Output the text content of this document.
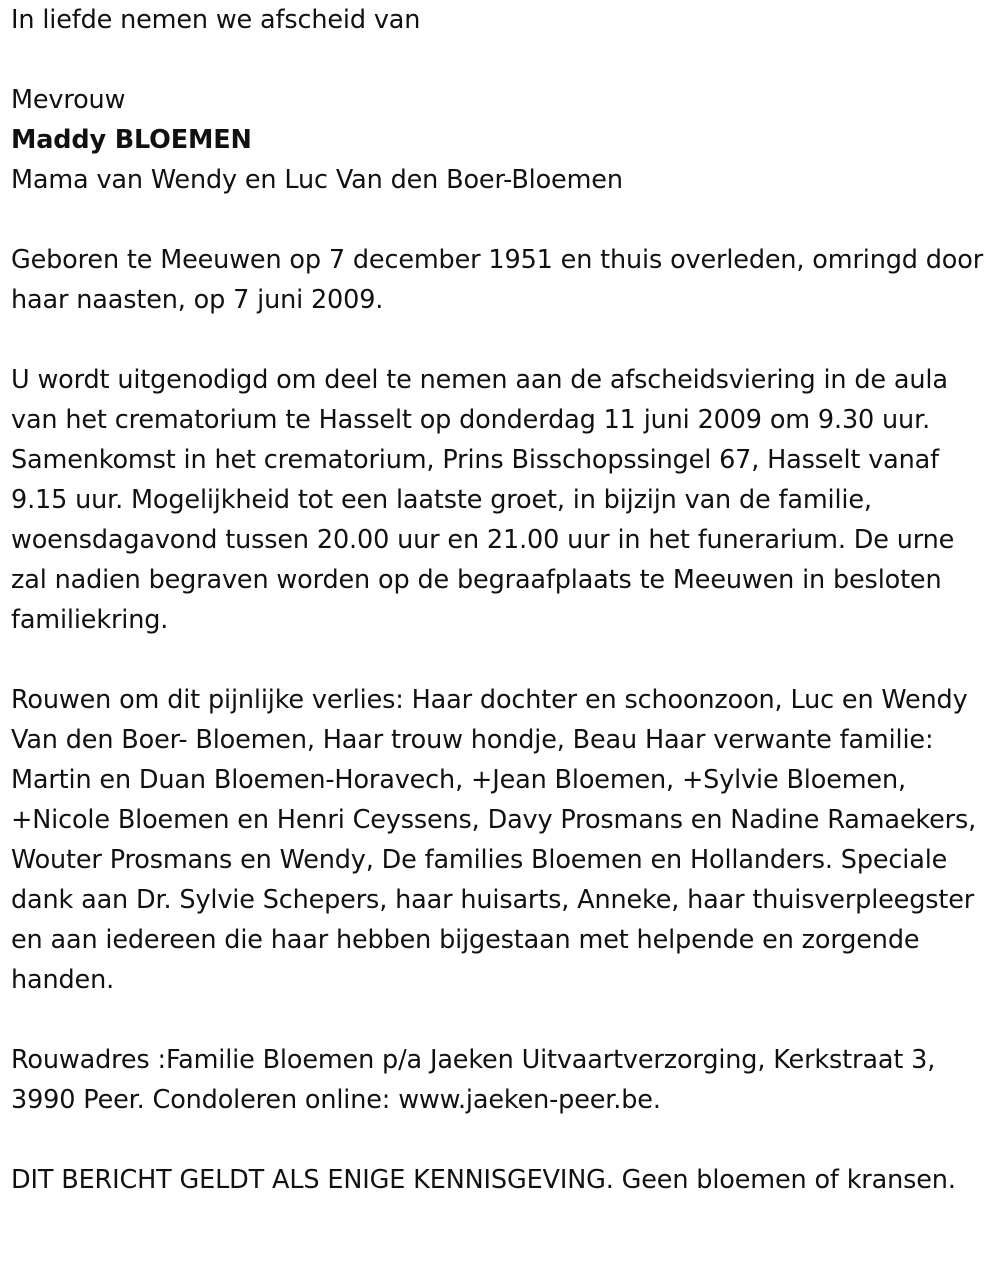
In liefde nemen we afscheid van

Mevrouw

Maddy BLOEMEN

Mama van Wendy en Luc Van den Boer-Bloemen

Geboren te Meeuwen op 7 december 1951 en thuis overleden, omringd door haar naasten, op 7 juni 2009.

U wordt uitgenodigd om deel te nemen aan de afscheidsviering in de aula van het crematorium te Hasselt op donderdag 11 juni 2009 om 9.30 uur. Samenkomst in het crematorium, Prins Bisschopssingel 67, Hasselt vanaf 9.15 uur. Mogelijkheid tot een laatste groet, in bijzijn van de familie, woensdagavond tussen 20.00 uur en 21.00 uur in het funerarium. De urne zal nadien begraven worden op de begraafplaats te Meeuwen in besloten familiekring.

Rouwen om dit pijnlijke verlies: Haar dochter en schoonzoon, Luc en Wendy Van den Boer- Bloemen, Haar trouw hondje, Beau Haar verwante familie: Martin en Duan Bloemen-Horavech, +Jean Bloemen, +Sylvie Bloemen, +Nicole Bloemen en Henri Ceyssens, Davy Prosmans en Nadine Ramaekers, Wouter Prosmans en Wendy, De families Bloemen en Hollanders. Speciale dank aan Dr. Sylvie Schepers, haar huisarts, Anneke, haar thuisverpleegster en aan iedereen die haar hebben bijgestaan met helpende en zorgende handen.

Rouwadres :Familie Bloemen p/a Jaeken Uitvaartverzorging, Kerkstraat 3, 3990 Peer. Condoleren online: www.jaeken-peer.be.

DIT BERICHT GELDT ALS ENIGE KENNISGEVING. Geen bloemen of kransen.
